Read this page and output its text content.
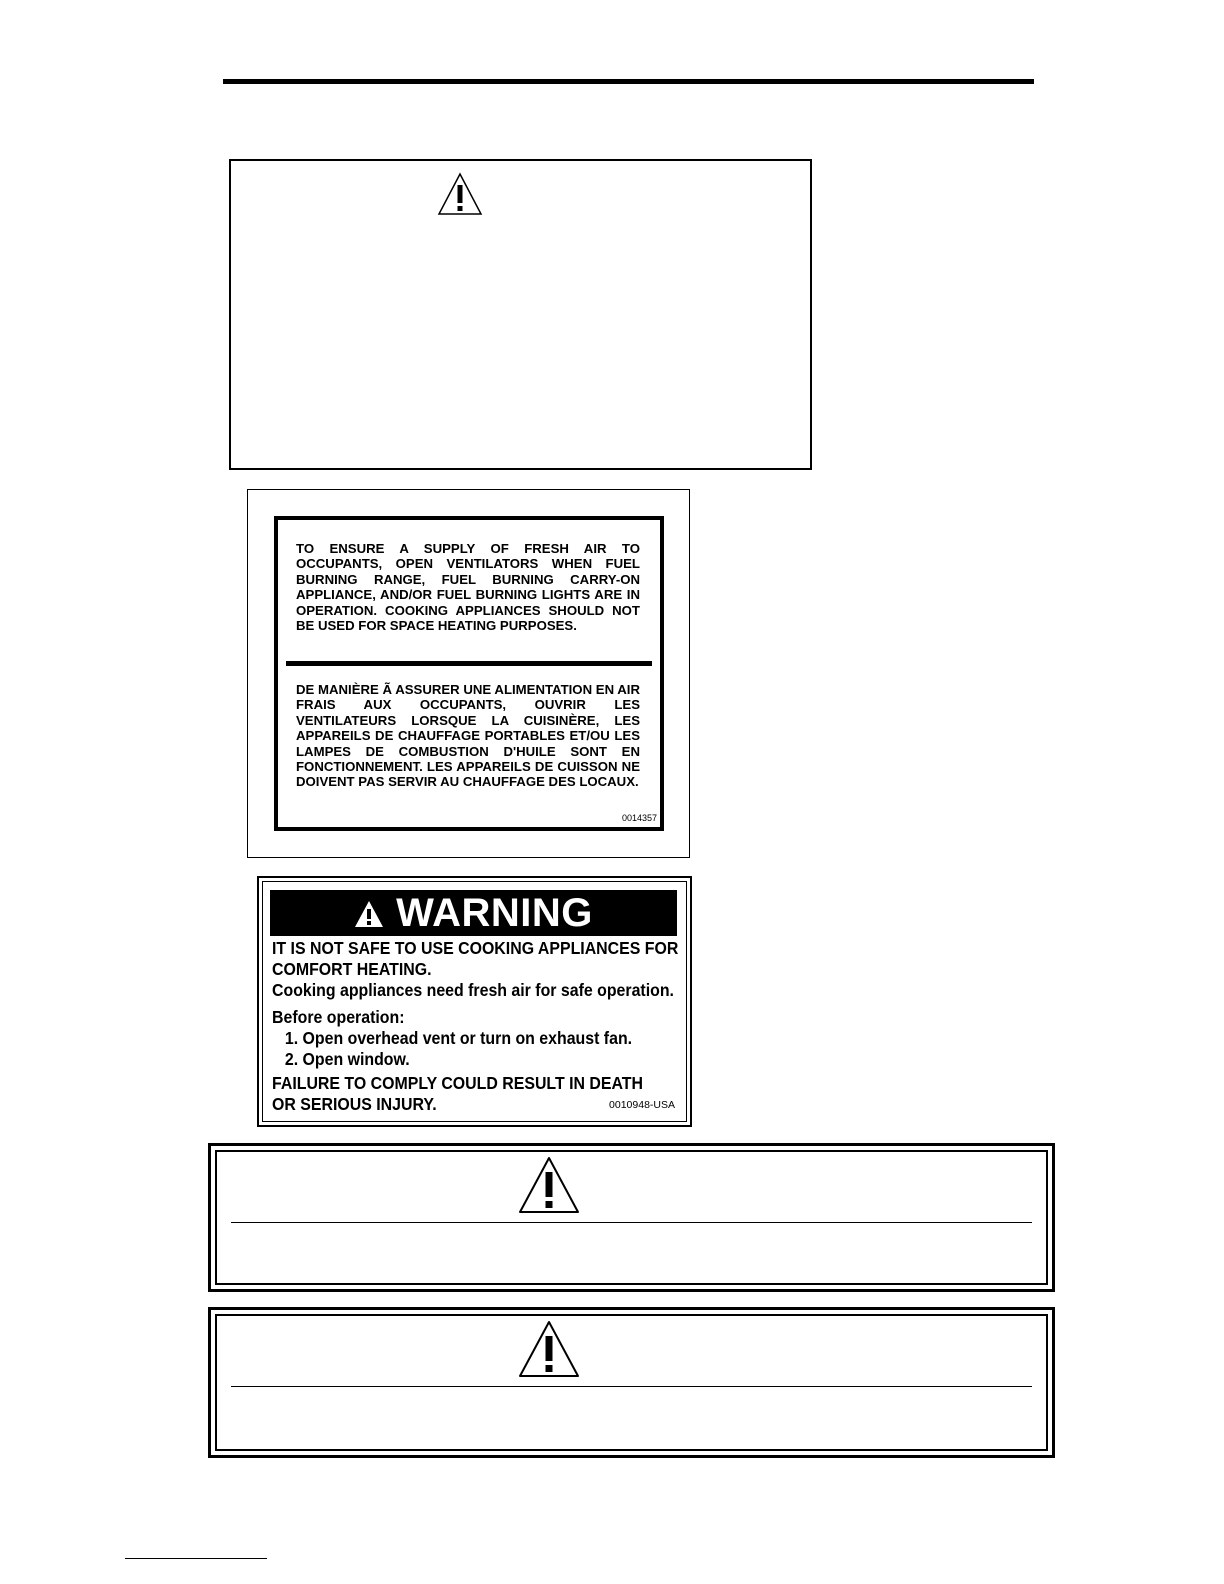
TO ENSURE A SUPPLY OF FRESH AIR TO OCCUPANTS, OPEN VENTILATORS WHEN FUEL BURNING RANGE, FUEL BURNING CARRY-ON APPLIANCE, AND/OR FUEL BURNING LIGHTS ARE IN OPERATION. COOKING APPLIANCES SHOULD NOT BE USED FOR SPACE HEATING PURPOSES.
DE MANIÈRE Ã ASSURER UNE ALIMENTATION EN AIR FRAIS AUX OCCUPANTS, OUVRIR LES VENTILATEURS LORSQUE LA CUISINÈRE, LES APPAREILS DE CHAUFFAGE PORTABLES ET/OU LES LAMPES DE COMBUSTION D'HUILE SONT EN FONCTIONNEMENT. LES APPAREILS DE CUISSON NE DOIVENT PAS SERVIR AU CHAUFFAGE DES LOCAUX.
0014357
WARNING
IT IS NOT SAFE TO USE COOKING APPLIANCES FOR
COMFORT HEATING.
Cooking appliances need fresh air for safe operation.
Before operation:
1. Open overhead vent or turn on exhaust fan.
2. Open window.
FAILURE TO COMPLY COULD RESULT IN DEATH
OR SERIOUS INJURY.	0010948-USA
